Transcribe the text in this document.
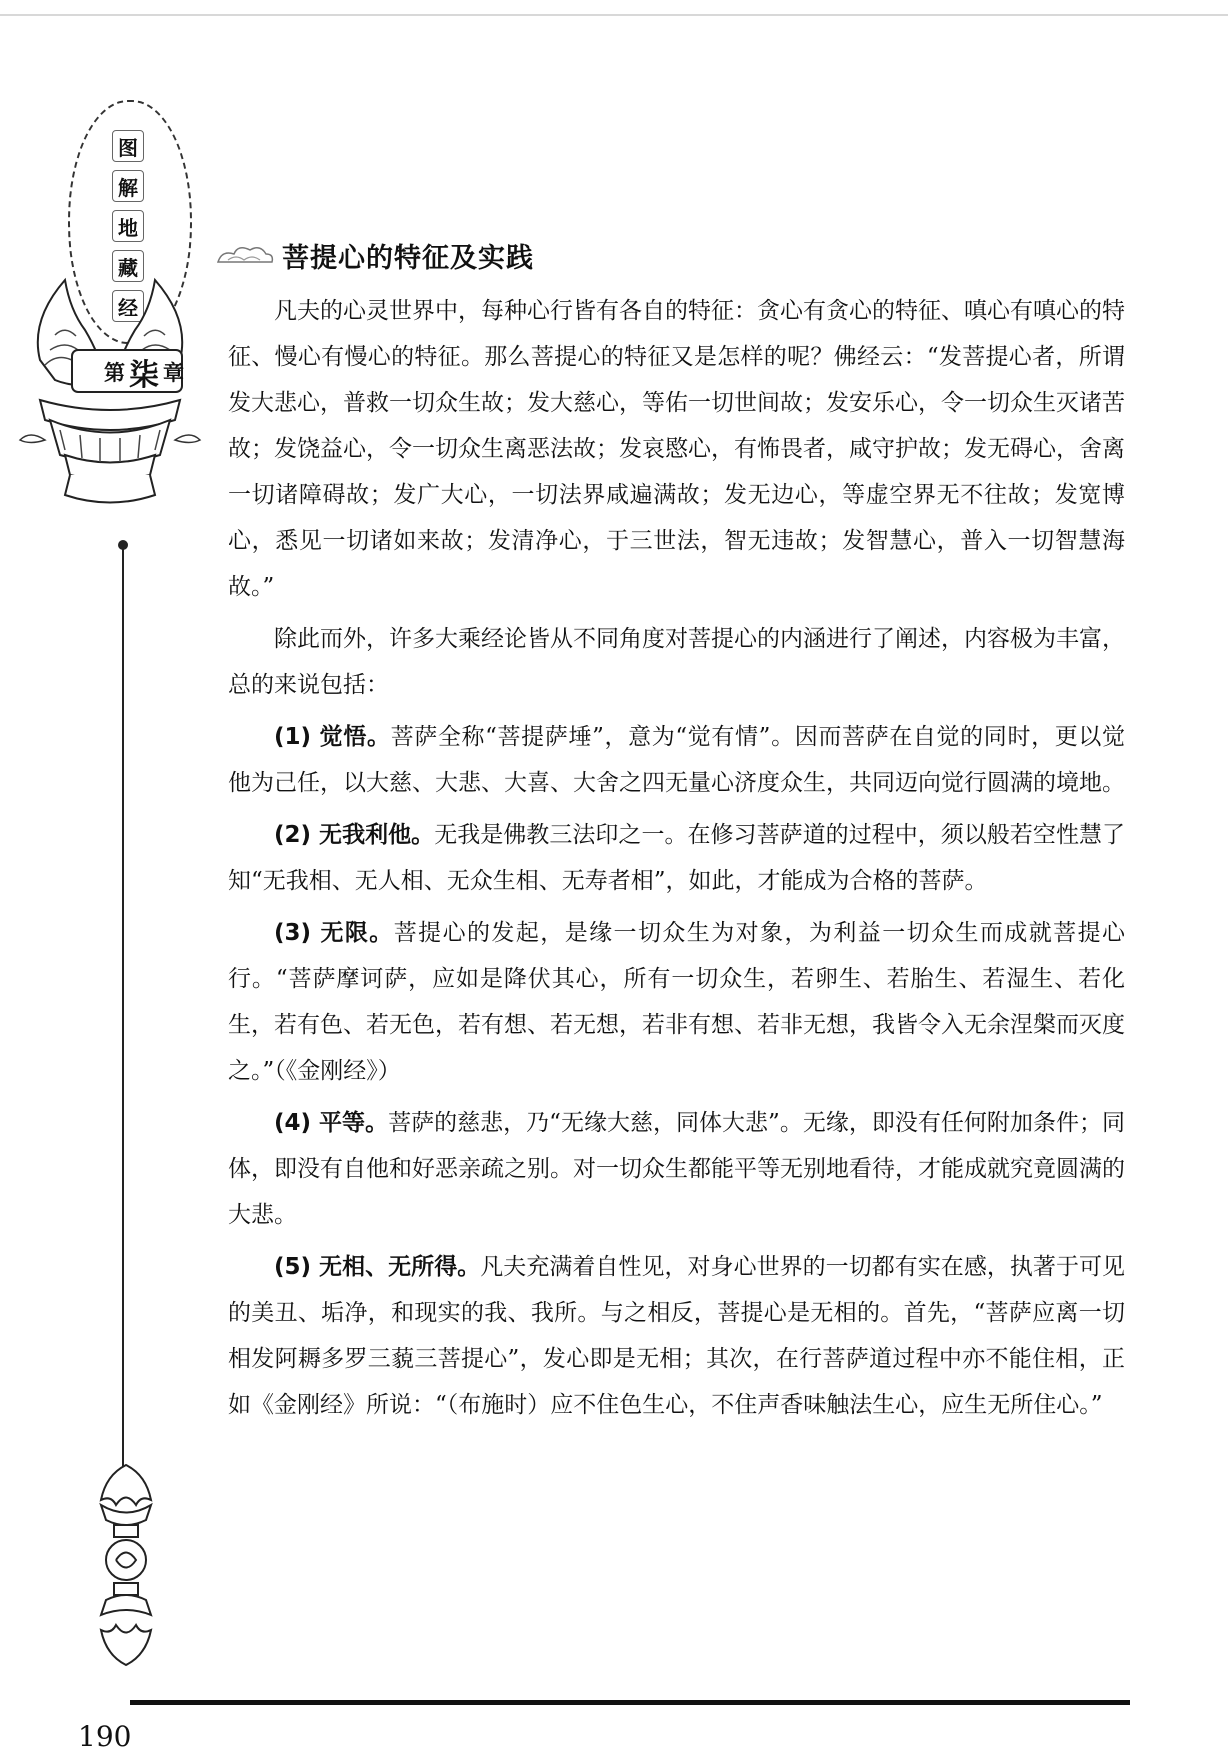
图
解
地
藏
经
第 柒 章
菩提心的特征及实践

凡夫的心灵世界中，每种心行皆有各自的特征：贪心有贪心的特征、嗔心有嗔心的特征、慢心有慢心的特征。那么菩提心的特征又是怎样的呢？佛经云：“发菩提心者，所谓发大悲心，普救一切众生故；发大慈心，等佑一切世间故；发安乐心，令一切众生灭诸苦故；发饶益心，令一切众生离恶法故；发哀愍心，有怖畏者，咸守护故；发无碍心，舍离一切诸障碍故；发广大心，一切法界咸遍满故；发无边心，等虚空界无不往故；发宽博心，悉见一切诸如来故；发清净心，于三世法，智无违故；发智慧心，普入一切智慧海故。”

除此而外，许多大乘经论皆从不同角度对菩提心的内涵进行了阐述，内容极为丰富，总的来说包括：

(1) 觉悟。菩萨全称“菩提萨埵”，意为“觉有情”。因而菩萨在自觉的同时，更以觉他为己任，以大慈、大悲、大喜、大舍之四无量心济度众生，共同迈向觉行圆满的境地。

(2) 无我利他。无我是佛教三法印之一。在修习菩萨道的过程中，须以般若空性慧了知“无我相、无人相、无众生相、无寿者相”，如此，才能成为合格的菩萨。

(3) 无限。菩提心的发起，是缘一切众生为对象，为利益一切众生而成就菩提心行。“菩萨摩诃萨，应如是降伏其心，所有一切众生，若卵生、若胎生、若湿生、若化生，若有色、若无色，若有想、若无想，若非有想、若非无想，我皆令入无余涅槃而灭度之。”（《金刚经》）

(4) 平等。菩萨的慈悲，乃“无缘大慈，同体大悲”。无缘，即没有任何附加条件；同体，即没有自他和好恶亲疏之别。对一切众生都能平等无别地看待，才能成就究竟圆满的大悲。

(5) 无相、无所得。凡夫充满着自性见，对身心世界的一切都有实在感，执著于可见的美丑、垢净，和现实的我、我所。与之相反，菩提心是无相的。首先，“菩萨应离一切相发阿耨多罗三藐三菩提心”，发心即是无相；其次，在行菩萨道过程中亦不能住相，正如《金刚经》所说：“（布施时）应不住色生心，不住声香味触法生心，应生无所住心。”

190
